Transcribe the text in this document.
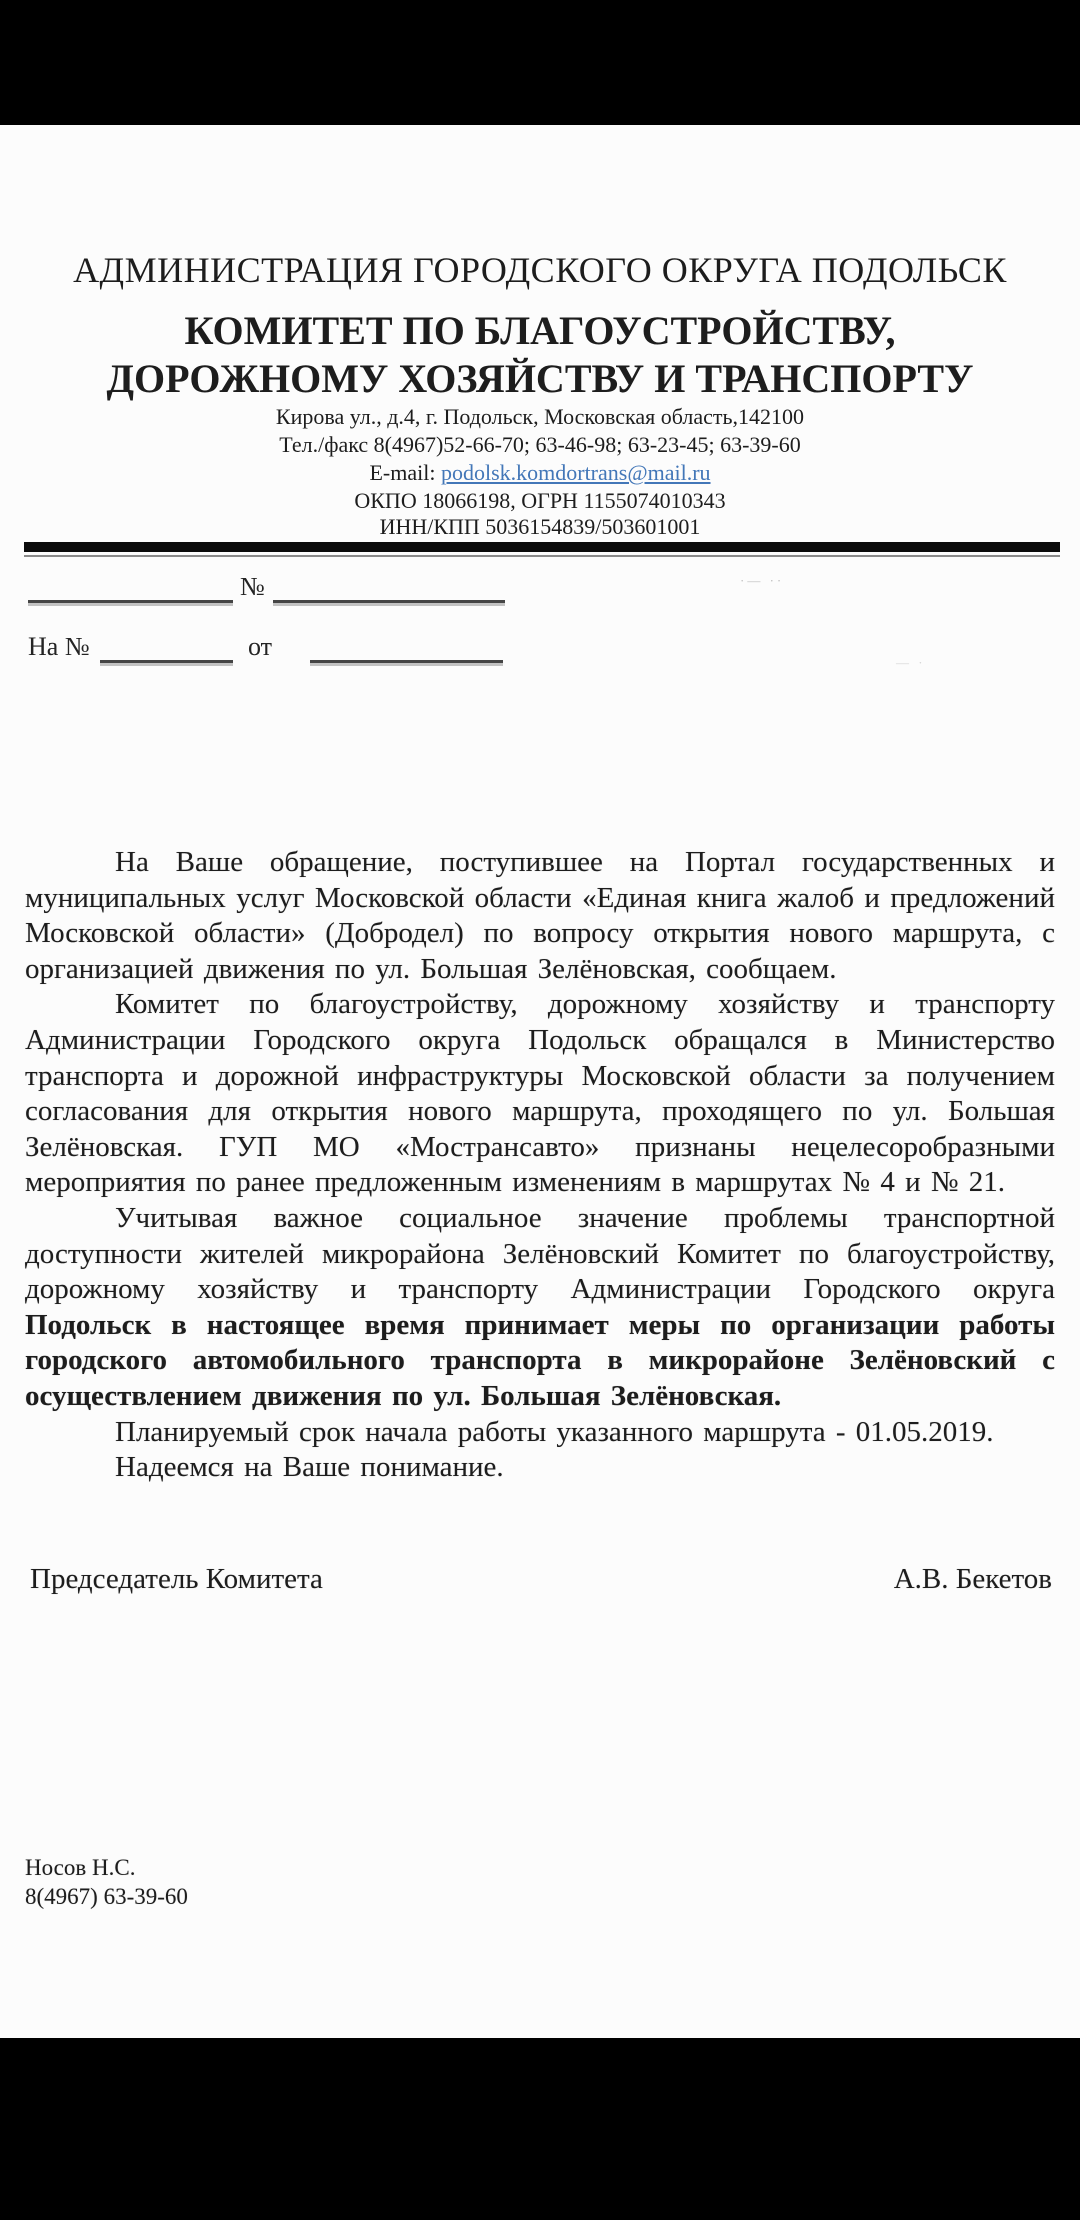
АДМИНИСТРАЦИЯ ГОРОДСКОГО ОКРУГА ПОДОЛЬСК
КОМИТЕТ ПО БЛАГОУСТРОЙСТВУ,
ДОРОЖНОМУ ХОЗЯЙСТВУ И ТРАНСПОРТУ
Кирова ул., д.4, г. Подольск, Московская область,142100
Тел./факс 8(4967)52-66-70; 63-46-98; 63-23-45; 63-39-60
E-mail: podolsk.komdortrans@mail.ru
ОКПО 18066198, ОГРН 1155074010343
ИНН/КПП 5036154839/503601001
№	·— ··
На №	от
— ·

На Ваше обращение, поступившее на Портал государственных и муниципальных услуг Московской области «Единая книга жалоб и предложений Московской области» (Добродел) по вопросу открытия нового маршрута, с организацией движения по ул. Большая Зелёновская, сообщаем.

Комитет по благоустройству, дорожному хозяйству и транспорту Администрации Городского округа Подольск обращался в Министерство транспорта и дорожной инфраструктуры Московской области за получением согласования для открытия нового маршрута, проходящего по ул. Большая Зелёновская. ГУП МО «Мострансавто» признаны нецелесоробразными мероприятия по ранее предложенным изменениям в маршрутах № 4 и № 21.

Учитывая важное социальное значение проблемы транспортной доступности жителей микрорайона Зелёновский Комитет по благоустройству, дорожному хозяйству и транспорту Администрации Городского округа Подольск в настоящее время принимает меры по организации работы городского автомобильного транспорта в микрорайоне Зелёновский с осуществлением движения по ул. Большая Зелёновская.

Планируемый срок начала работы указанного маршрута - 01.05.2019.

Надеемся на Ваше понимание.

Председатель Комитета	А.В. Бекетов
Носов Н.С.
8(4967) 63-39-60
